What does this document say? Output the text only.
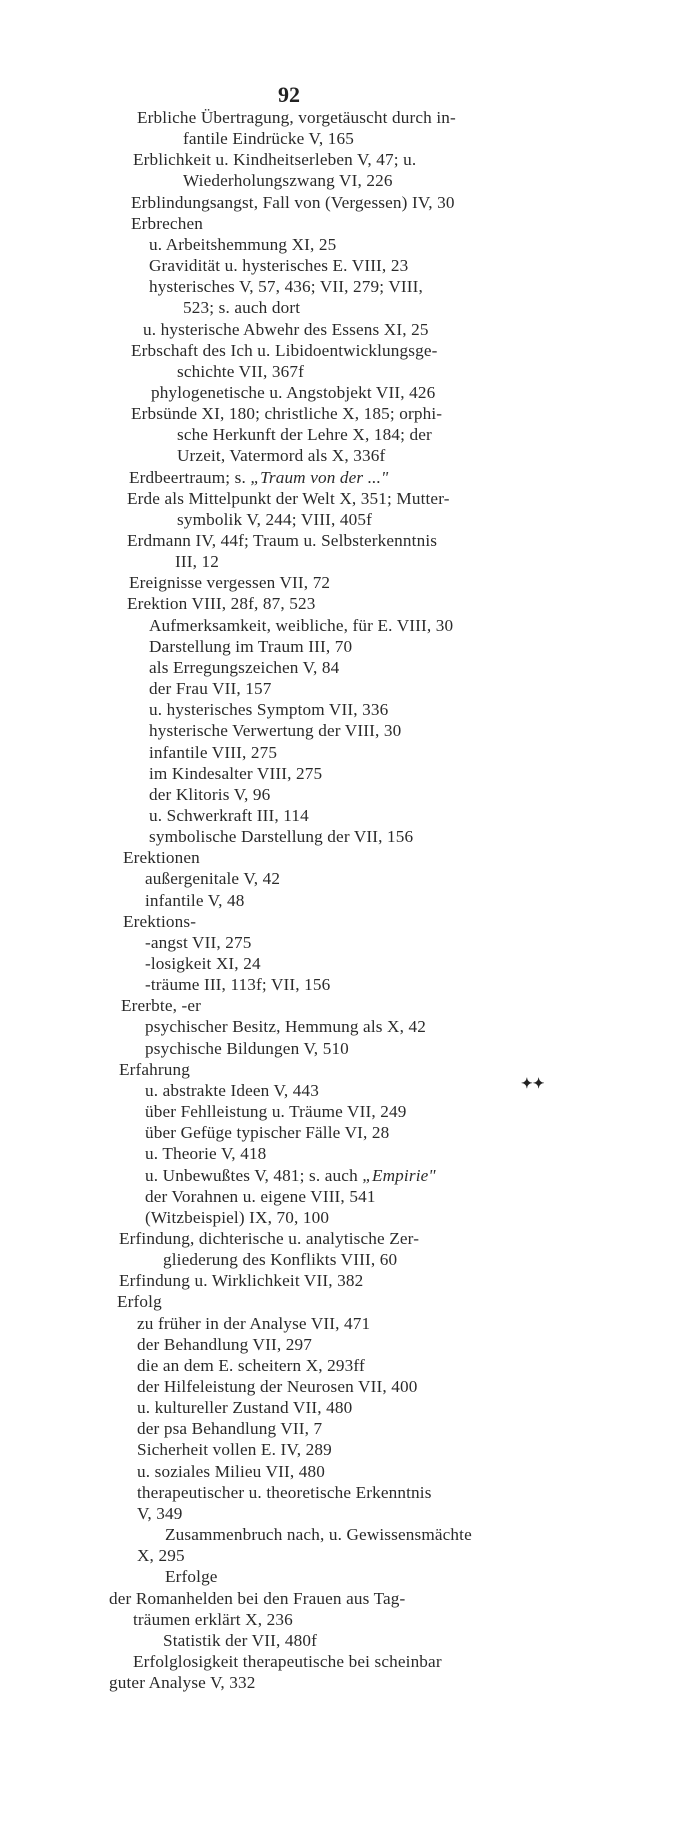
92
Erbliche Übertragung, vorgetäuscht durch in-
fantile Eindrücke V, 165
Erblichkeit u. Kindheitserleben V, 47; u.
Wiederholungszwang VI, 226
Erblindungsangst, Fall von (Vergessen) IV, 30
Erbrechen
u. Arbeitshemmung XI, 25
Gravidität u. hysterisches E. VIII, 23
hysterisches V, 57, 436; VII, 279; VIII,
523; s. auch dort
u. hysterische Abwehr des Essens XI, 25
Erbschaft des Ich u. Libidoentwicklungsge-
schichte VII, 367f
phylogenetische u. Angstobjekt VII, 426
Erbsünde XI, 180; christliche X, 185; orphi-
sche Herkunft der Lehre X, 184; der
Urzeit, Vatermord als X, 336f
Erdbeertraum; s. „Traum von der ..."
Erde als Mittelpunkt der Welt X, 351; Mutter-
symbolik V, 244; VIII, 405f
Erdmann IV, 44f; Traum u. Selbsterkenntnis
III, 12
Ereignisse vergessen VII, 72
Erektion VIII, 28f, 87, 523
Aufmerksamkeit, weibliche, für E. VIII, 30
Darstellung im Traum III, 70
als Erregungszeichen V, 84
der Frau VII, 157
u. hysterisches Symptom VII, 336
hysterische Verwertung der VIII, 30
infantile VIII, 275
im Kindesalter VIII, 275
der Klitoris V, 96
u. Schwerkraft III, 114
symbolische Darstellung der VII, 156
Erektionen
außergenitale V, 42
infantile V, 48
Erektions-
-angst VII, 275
-losigkeit XI, 24
-träume III, 113f; VII, 156
Ererbte, -er
psychischer Besitz, Hemmung als X, 42
psychische Bildungen V, 510
Erfahrung
u. abstrakte Ideen V, 443
über Fehlleistung u. Träume VII, 249
über Gefüge typischer Fälle VI, 28
u. Theorie V, 418
u. Unbewußtes V, 481; s. auch „Empirie"
der Vorahnen u. eigene VIII, 541
(Witzbeispiel) IX, 70, 100
Erfindung, dichterische u. analytische Zer-
gliederung des Konflikts VIII, 60
Erfindung u. Wirklichkeit VII, 382
Erfolg
zu früher in der Analyse VII, 471
der Behandlung VII, 297
die an dem E. scheitern X, 293ff
der Hilfeleistung der Neurosen VII, 400
u. kultureller Zustand VII, 480
der psa Behandlung VII, 7
Sicherheit vollen E. IV, 289
u. soziales Milieu VII, 480
therapeutischer u. theoretische Erkenntnis
V, 349
Zusammenbruch nach, u. Gewissensmächte
X, 295
Erfolge
der Romanhelden bei den Frauen aus Tag-
träumen erklärt X, 236
Statistik der VII, 480f
Erfolglosigkeit therapeutische bei scheinbar
guter Analyse V, 332
✦✦
